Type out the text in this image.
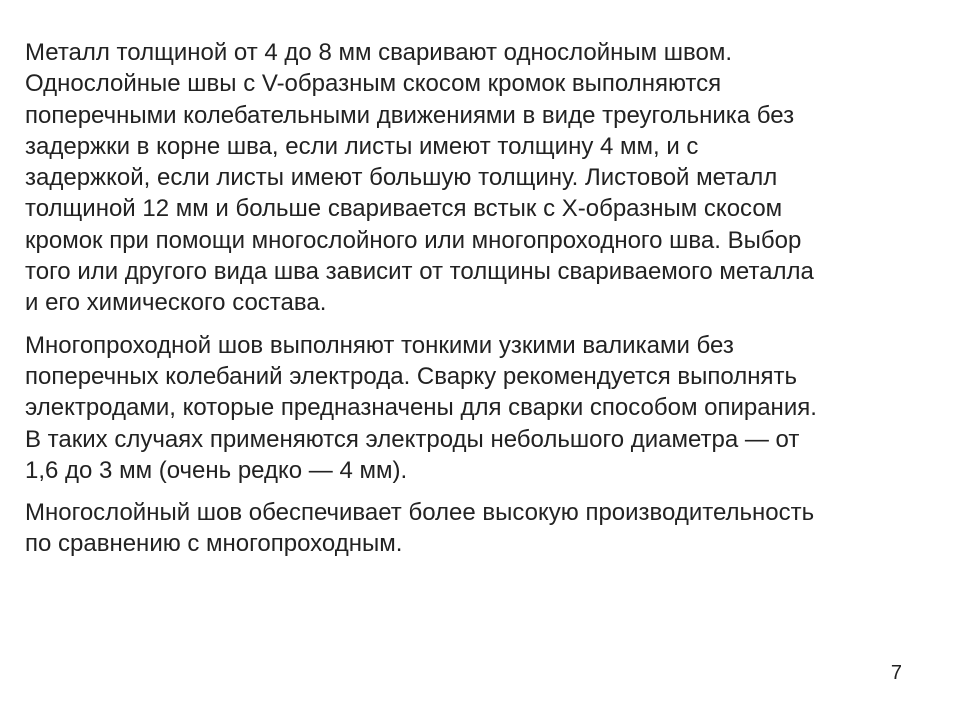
Металл толщиной от 4 до 8 мм сваривают однослойным швом.
Однослойные швы с V-образным скосом кромок выполняются
поперечными колебательными движениями в виде треугольника без
задержки в корне шва, если листы имеют толщину 4 мм, и с
задержкой, если листы имеют большую толщину. Листовой металл
толщиной 12 мм и больше сваривается встык с Х-образным скосом
кромок при помощи многослойного или многопроходного шва. Выбор
того или другого вида шва зависит от толщины свариваемого металла
и его химического состава.

Многопроходной шов выполняют тонкими узкими валиками без
поперечных колебаний электрода. Сварку рекомендуется выполнять
электродами, которые предназначены для сварки способом опирания.
В таких случаях применяются электроды небольшого диаметра — от
1,6 до 3 мм (очень редко — 4 мм).

Многослойный шов обеспечивает более высокую производительность
по сравнению с многопроходным.

7
